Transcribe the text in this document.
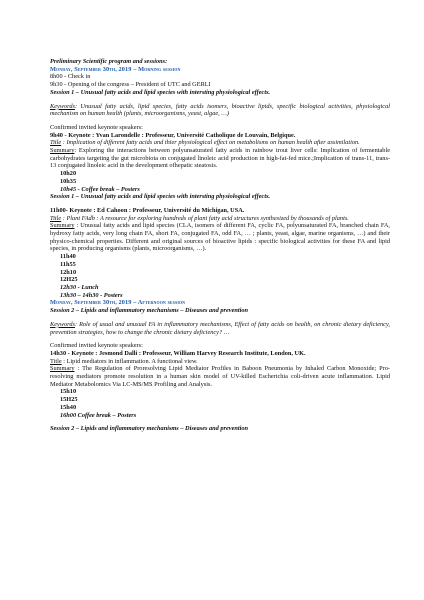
Preliminary Scientific program and sessions:
Monday, September 30th, 2019 – Morning session
8h00 - Check in
9h30 - Opening of the congress – President of UTC and GERLI
Session 1 – Unusual fatty acids and lipid species with intersting physiological effects.
Keywords: Unusual fatty acids, lipid species, fatty acids isomers, bioactive lipids, specific biological activities, physiological mechanism on human health (plants, microorganisms, yeast, algae, …)
Confirmed invited keynote speakers:
9h40 - Keynote : Yvan Larondelle : Professeur, Université Catholique de Louvain, Belgique.
Title : Implication of different fatty acids and thier physiological effect on metabolisms on human health after assimilation.
Summary: Exploring the interactions between polyunsaturated fatty acids in rainbow trout liver cells: Implication of fermentable carbohydrates targeting the gut microbiota on conjugated linoleic acid production in high-fat-fed mice.;Implication of trans-11, trans-13 conjugated linoleic acid in the development ofhepatic steatosis.
10h20
10h35
10h45 - Coffee break – Posters
Session 1 – Unusual fatty acids and lipid species with intersting physiological effects.
11h00- Keynote : Ed Cahoon : Professeur, Université du Michigan, USA.
Title : Plant FAdb : A resource for exploring hundreds of plant fatty acid structures synthesized by thousands of plants.
Summary : Unusual fatty acids and lipid species (CLA, isomers of different FA, cyclic FA, polyunsaturated FA, branched chain FA, hydroxy fatty acids, very long chain FA, short FA, conjugated FA, odd FA, … ; plants, yeast, algae, marine organisms, …) and their physico-chemical properties. Different and original sources of bioactive lipids : specific biological activities for these FA and lipid species, in producing organisms (plants, microorganisms, …).
11h40
11h55
12h10
12H25
12h30 - Lunch
13h30 – 14h30 - Posters
Monday, September 30th, 2019 – Afternoon session
Session 2 – Lipids and inflammatory mechanisms – Diseases and prevention
Keywords: Role of usual and unusual FA in inflammatory mechanisms, Effect of fatty acids on health, on chronic dietary deficiency, prevention strategies, how to change the chronic dietary deficiency? …
Confirmed invited keynote speakers:
14h30 - Keynote : Jesmond Dalli : Professeur, William Harvey Research Institute, London, UK.
Title : Lipid mediators in inflammation. A functional view.
Summary : The Regulation of Proresolving Lipid Mediator Profiles in Baboon Pneumonia by Inhaled Carbon Monoxide; Pro-resolving mediators promote resolution in a human skin model of UV-killed Escherichia coli-driven acute inflammation. Lipid Mediator Metabolomics Via LC-MS/MS Profiling and Analysis.
15h10
15H25
15h40
16h00 Coffee break – Posters
Session 2 – Lipids and inflammatory mechanisms – Diseases and prevention
